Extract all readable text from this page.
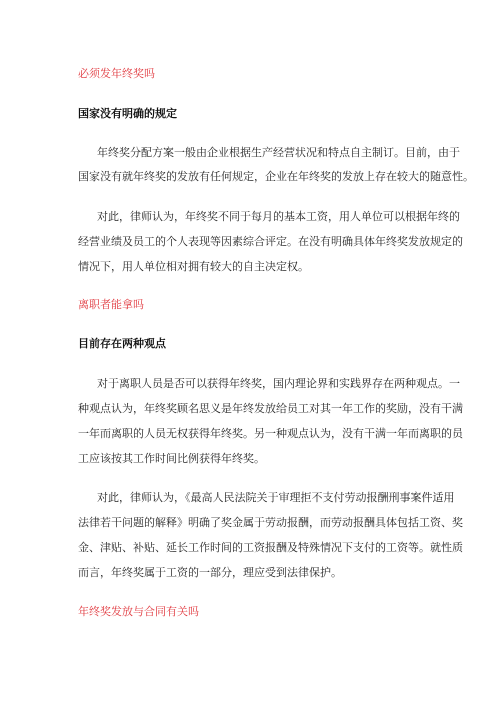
必须发年终奖吗
国家没有明确的规定
年终奖分配方案一般由企业根据生产经营状况和特点自主制订。目前，由于
国家没有就年终奖的发放有任何规定，企业在年终奖的发放上存在较大的随意性。
对此，律师认为，年终奖不同于每月的基本工资，用人单位可以根据年终的
经营业绩及员工的个人表现等因素综合评定。在没有明确具体年终奖发放规定的
情况下，用人单位相对拥有较大的自主决定权。
离职者能拿吗
目前存在两种观点
对于离职人员是否可以获得年终奖，国内理论界和实践界存在两种观点。一
种观点认为，年终奖顾名思义是年终发放给员工对其一年工作的奖励，没有干满
一年而离职的人员无权获得年终奖。另一种观点认为，没有干满一年而离职的员
工应该按其工作时间比例获得年终奖。
对此，律师认为，《最高人民法院关于审理拒不支付劳动报酬刑事案件适用
法律若干问题的解释》明确了奖金属于劳动报酬，而劳动报酬具体包括工资、奖
金、津贴、补贴、延长工作时间的工资报酬及特殊情况下支付的工资等。就性质
而言，年终奖属于工资的一部分，理应受到法律保护。
年终奖发放与合同有关吗
